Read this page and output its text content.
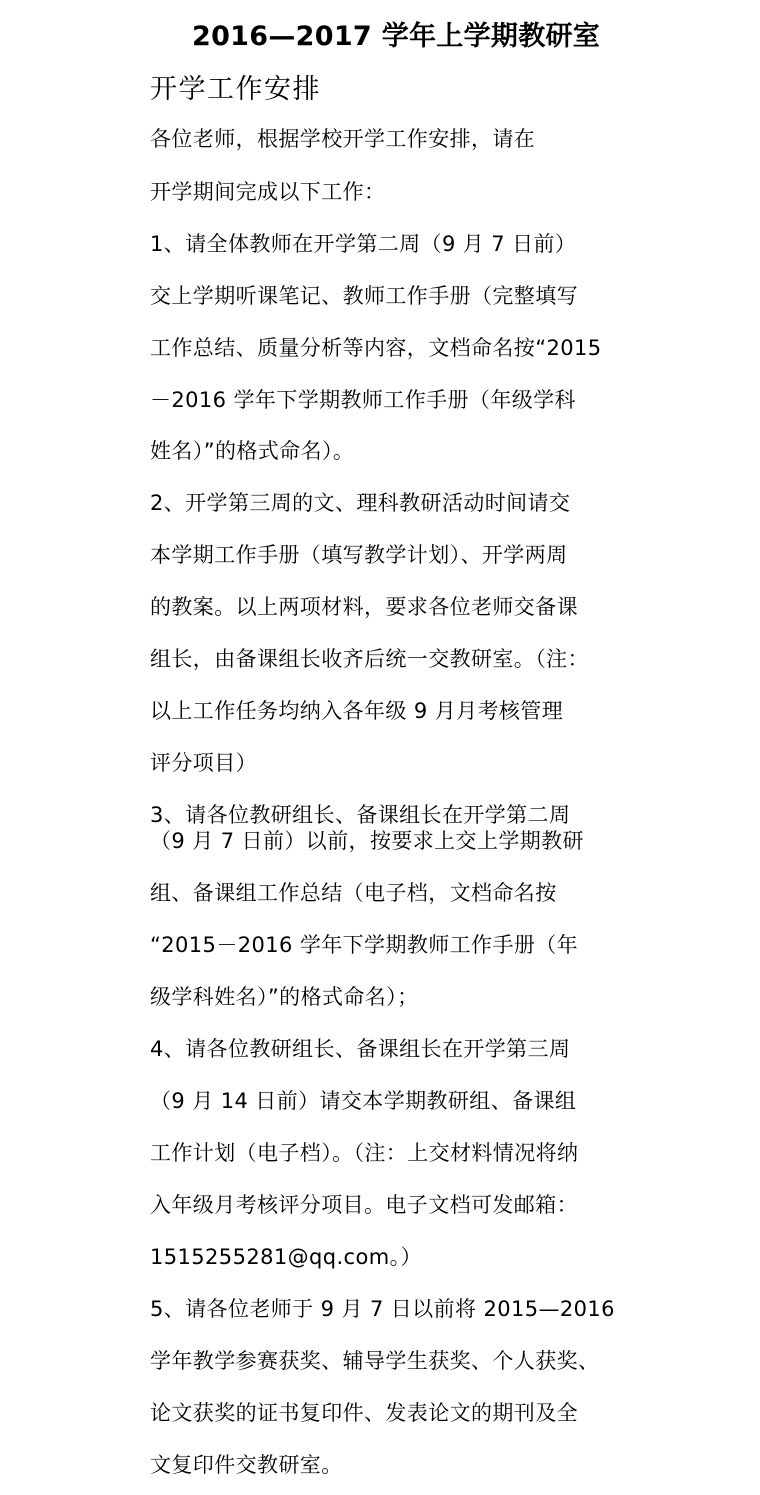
2016—2017 学年上学期教研室
开学工作安排
各位老师，根据学校开学工作安排，请在
开学期间完成以下工作：
1、请全体教师在开学第二周（9 月 7 日前）
交上学期听课笔记、教师工作手册（完整填写
工作总结、质量分析等内容，文档命名按“2015
－2016 学年下学期教师工作手册（年级学科
姓名）”的格式命名）。
2、开学第三周的文、理科教研活动时间请交
本学期工作手册（填写教学计划）、开学两周
的教案。以上两项材料，要求各位老师交备课
组长，由备课组长收齐后统一交教研室。（注：
以上工作任务均纳入各年级 9 月月考核管理
评分项目）
3、请各位教研组长、备课组长在开学第二周
（9 月 7 日前）以前，按要求上交上学期教研
组、备课组工作总结（电子档，文档命名按
“2015－2016 学年下学期教师工作手册（年
级学科姓名）”的格式命名）；
4、请各位教研组长、备课组长在开学第三周
（9 月 14 日前）请交本学期教研组、备课组
工作计划（电子档）。（注：上交材料情况将纳
入年级月考核评分项目。电子文档可发邮箱：
1515255281@qq.com。）
5、请各位老师于 9 月 7 日以前将 2015—2016
学年教学参赛获奖、辅导学生获奖、个人获奖、
论文获奖的证书复印件、发表论文的期刊及全
文复印件交教研室。
